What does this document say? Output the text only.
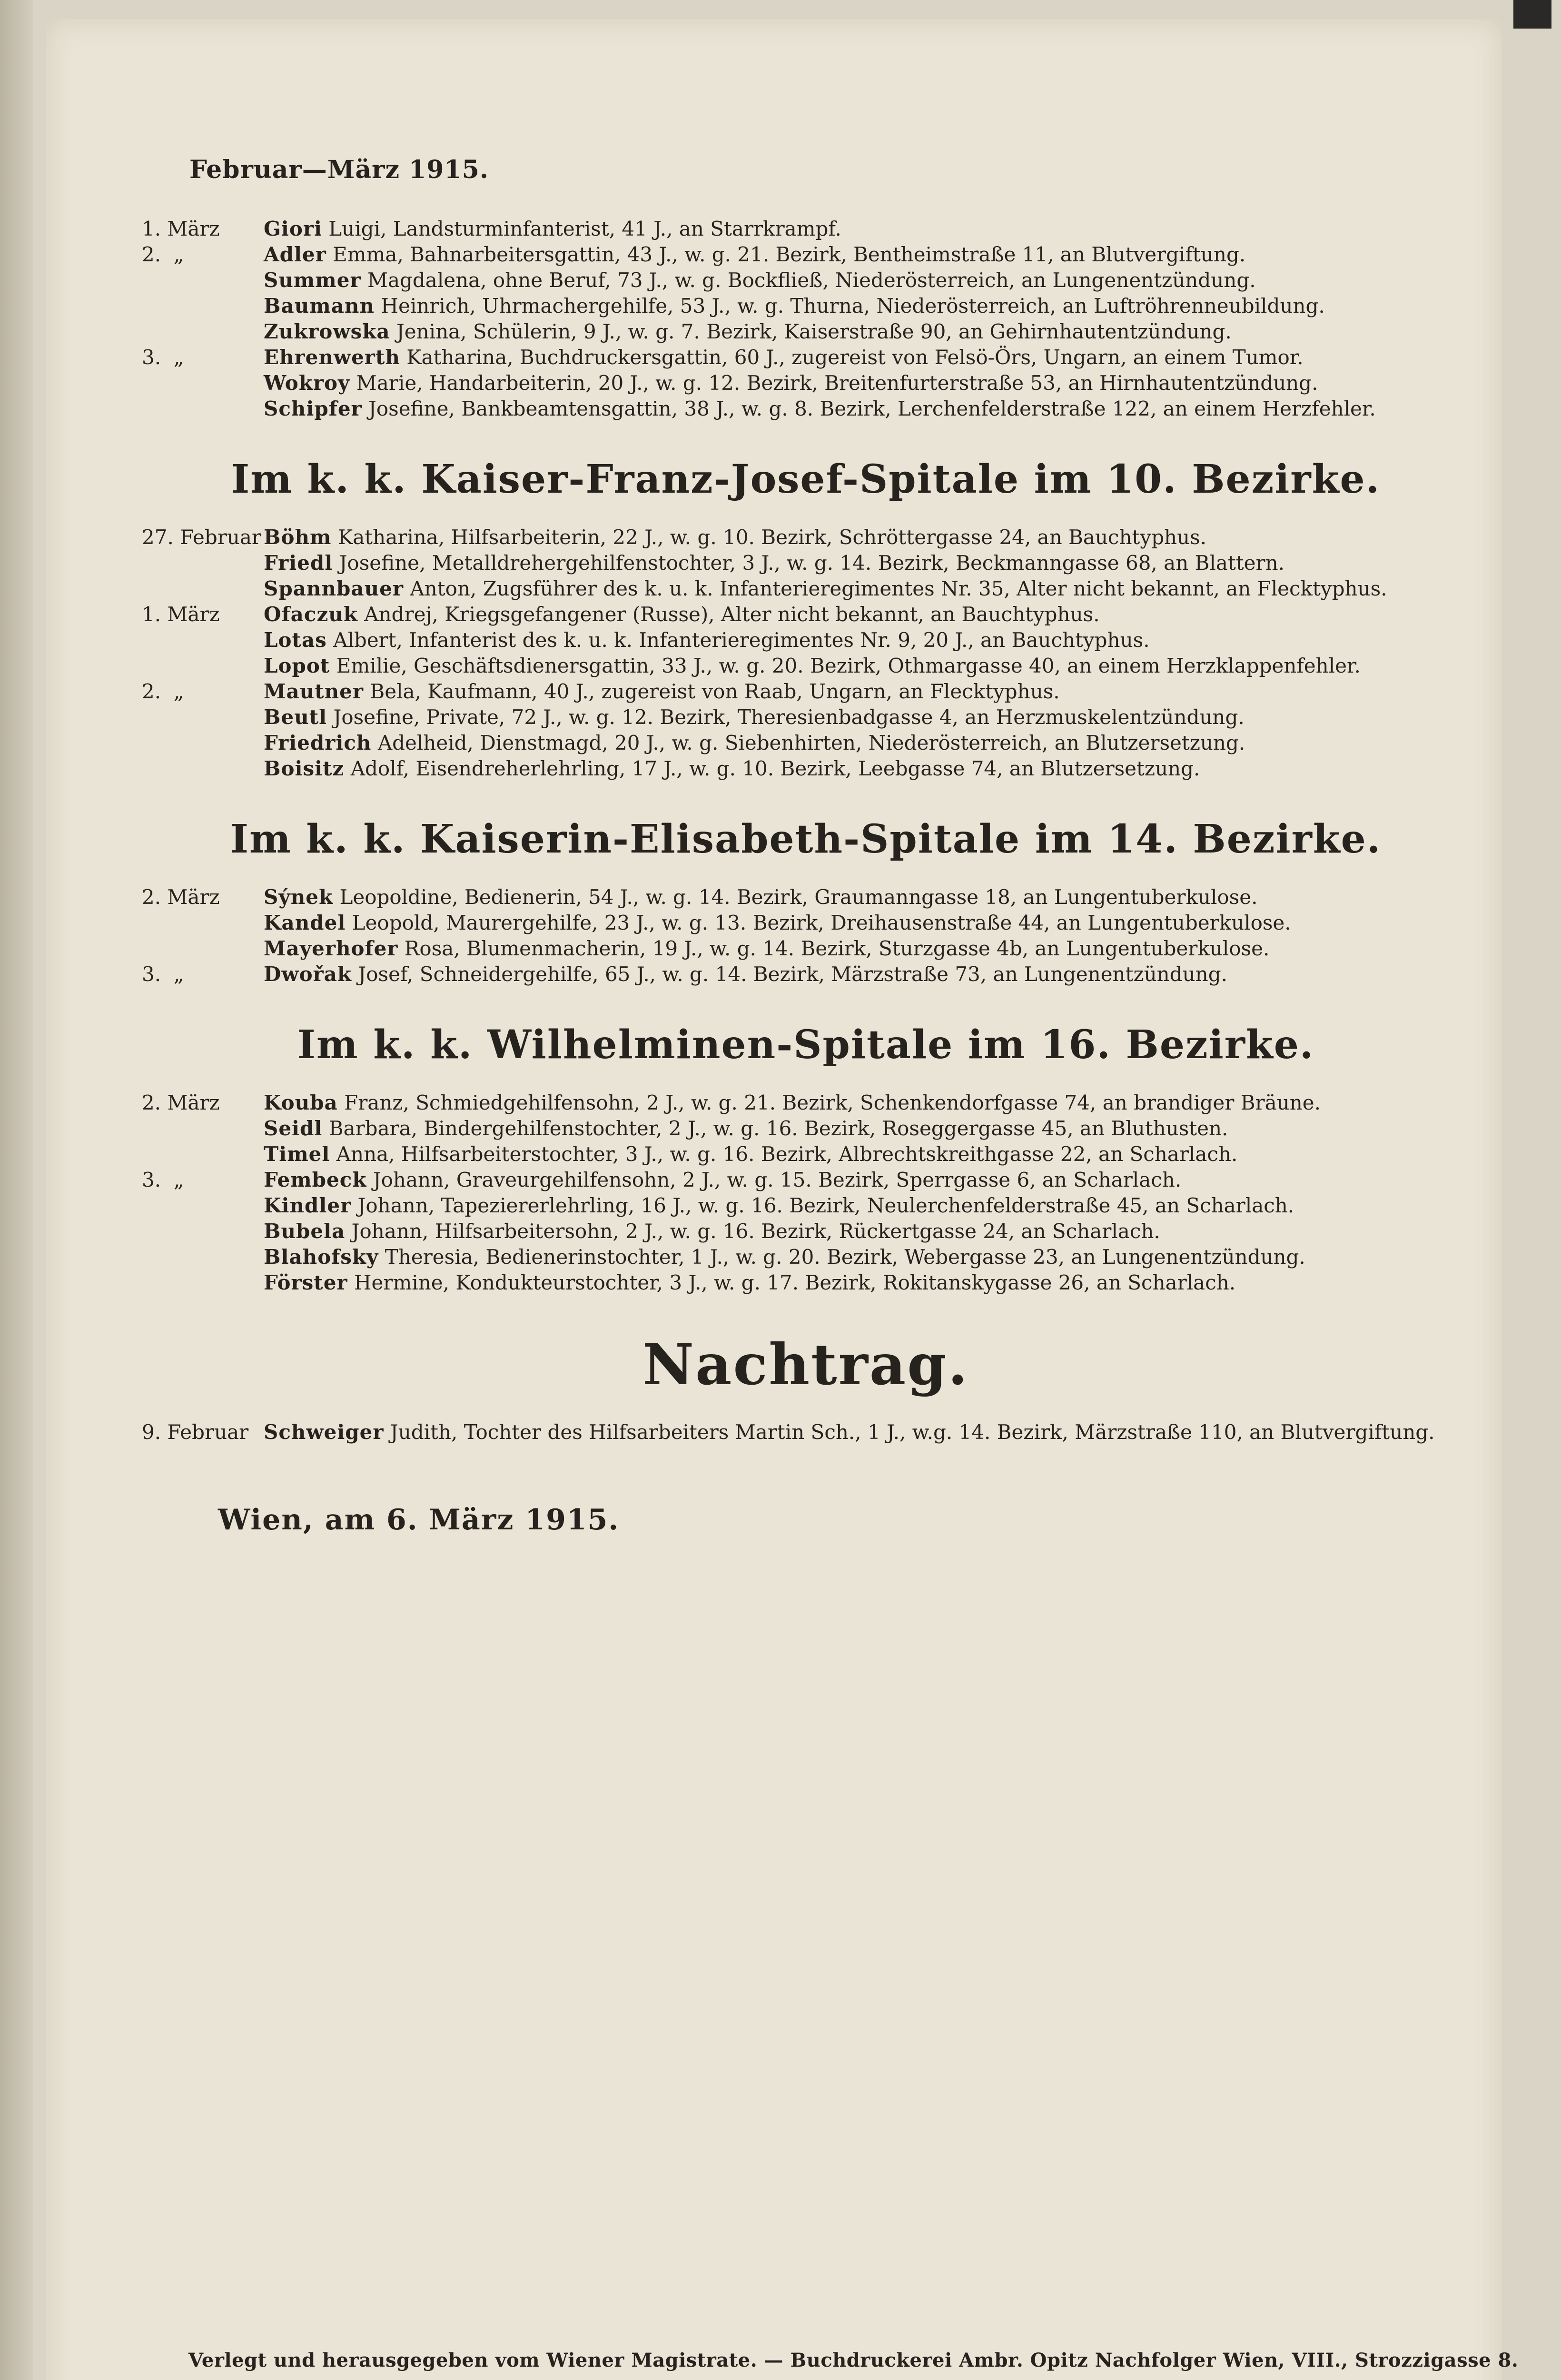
Februar—März 1915.
1. März	Giori Luigi, Landsturminfanterist, 41 J., an Starrkrampf.
2.  „	Adler Emma, Bahnarbeitersgattin, 43 J., w. g. 21. Bezirk, Bentheimstraße 11, an Blutvergiftung.
Summer Magdalena, ohne Beruf, 73 J., w. g. Bockfließ, Niederösterreich, an Lungenentzündung.
Baumann Heinrich, Uhrmachergehilfe, 53 J., w. g. Thurna, Niederösterreich, an Luftröhrenneubildung.
Zukrowska Jenina, Schülerin, 9 J., w. g. 7. Bezirk, Kaiserstraße 90, an Gehirnhautentzündung.
3.  „	Ehrenwerth Katharina, Buchdruckersgattin, 60 J., zugereist von Felsö-Örs, Ungarn, an einem Tumor.
Wokroy Marie, Handarbeiterin, 20 J., w. g. 12. Bezirk, Breitenfurterstraße 53, an Hirnhautentzündung.
Schipfer Josefine, Bankbeamtensgattin, 38 J., w. g. 8. Bezirk, Lerchenfelderstraße 122, an einem Herzfehler.
Im k. k. Kaiser-Franz-Josef-Spitale im 10. Bezirke.
27. Februar Böhm Katharina, Hilfsarbeiterin, 22 J., w. g. 10. Bezirk, Schröttergasse 24, an Bauchtyphus.
Friedl Josefine, Metalldrehergehilfenstochter, 3 J., w. g. 14. Bezirk, Beckmanngasse 68, an Blattern.
Spannbauer Anton, Zugsführer des k. u. k. Infanterieregimentes Nr. 35, Alter nicht bekannt, an Flecktyphus.
1. März	Ofaczuk Andrej, Kriegsgefangener (Russe), Alter nicht bekannt, an Bauchtyphus.
Lotas Albert, Infanterist des k. u. k. Infanterieregimentes Nr. 9, 20 J., an Bauchtyphus.
Lopot Emilie, Geschäftsdienersgattin, 33 J., w. g. 20. Bezirk, Othmargasse 40, an einem Herzklappenfehler.
2.  „	Mautner Bela, Kaufmann, 40 J., zugereist von Raab, Ungarn, an Flecktyphus.
Beutl Josefine, Private, 72 J., w. g. 12. Bezirk, Theresienbadgasse 4, an Herzmuskelentzündung.
Friedrich Adelheid, Dienstmagd, 20 J., w. g. Siebenhirten, Niederösterreich, an Blutzersetzung.
Boisitz Adolf, Eisendreherlehrling, 17 J., w. g. 10. Bezirk, Leebgasse 74, an Blutzersetzung.
Im k. k. Kaiserin-Elisabeth-Spitale im 14. Bezirke.
2. März	Sýnek Leopoldine, Bedienerin, 54 J., w. g. 14. Bezirk, Graumanngasse 18, an Lungentuberkulose.
Kandel Leopold, Maurergehilfe, 23 J., w. g. 13. Bezirk, Dreihausenstraße 44, an Lungentuberkulose.
Mayerhofer Rosa, Blumenmacherin, 19 J., w. g. 14. Bezirk, Sturzgasse 4b, an Lungentuberkulose.
3.  „	Dwořak Josef, Schneidergehilfe, 65 J., w. g. 14. Bezirk, Märzstraße 73, an Lungenentzündung.
Im k. k. Wilhelminen-Spitale im 16. Bezirke.
2. März	Kouba Franz, Schmiedgehilfensohn, 2 J., w. g. 21. Bezirk, Schenkendorfgasse 74, an brandiger Bräune.
Seidl Barbara, Bindergehilfenstochter, 2 J., w. g. 16. Bezirk, Roseggergasse 45, an Bluthusten.
Timel Anna, Hilfsarbeiterstochter, 3 J., w. g. 16. Bezirk, Albrechtskreithgasse 22, an Scharlach.
3.  „	Fembeck Johann, Graveurgehilfensohn, 2 J., w. g. 15. Bezirk, Sperrgasse 6, an Scharlach.
Kindler Johann, Tapeziererlehrling, 16 J., w. g. 16. Bezirk, Neulerchenfelderstraße 45, an Scharlach.
Bubela Johann, Hilfsarbeitersohn, 2 J., w. g. 16. Bezirk, Rückertgasse 24, an Scharlach.
Blahofsky Theresia, Bedienerinstochter, 1 J., w. g. 20. Bezirk, Webergasse 23, an Lungenentzündung.
Förster Hermine, Kondukteurstochter, 3 J., w. g. 17. Bezirk, Rokitanskygasse 26, an Scharlach.
Nachtrag.
9. Februar Schweiger Judith, Tochter des Hilfsarbeiters Martin Sch., 1 J., w.g. 14. Bezirk, Märzstraße 110, an Blutvergiftung.
Wien, am 6. März 1915.
Verlegt und herausgegeben vom Wiener Magistrate. — Buchdruckerei Ambr. Opitz Nachfolger Wien, VIII., Strozzigasse 8.
